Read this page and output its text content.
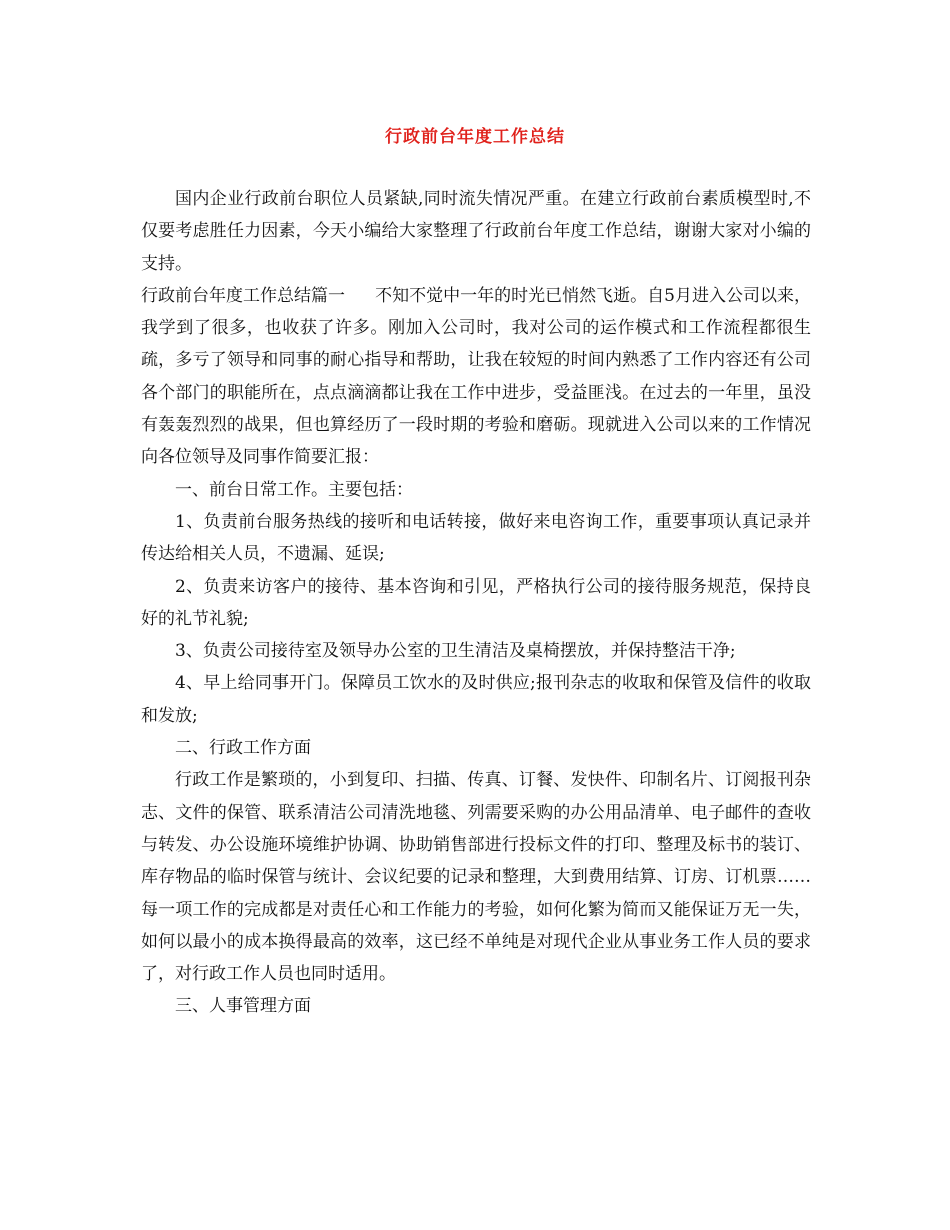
行政前台年度工作总结

国内企业行政前台职位人员紧缺,同时流失情况严重。在建立行政前台素质模型时,不仅要考虑胜任力因素，今天小编给大家整理了行政前台年度工作总结，谢谢大家对小编的支持。

行政前台年度工作总结篇一 不知不觉中一年的时光已悄然飞逝。自5月进入公司以来，我学到了很多，也收获了许多。刚加入公司时，我对公司的运作模式和工作流程都很生疏，多亏了领导和同事的耐心指导和帮助，让我在较短的时间内熟悉了工作内容还有公司各个部门的职能所在，点点滴滴都让我在工作中进步，受益匪浅。在过去的一年里，虽没有轰轰烈烈的战果，但也算经历了一段时期的考验和磨砺。现就进入公司以来的工作情况向各位领导及同事作简要汇报：

一、前台日常工作。主要包括：

1、负责前台服务热线的接听和电话转接，做好来电咨询工作，重要事项认真记录并传达给相关人员，不遗漏、延误;

2、负责来访客户的接待、基本咨询和引见，严格执行公司的接待服务规范，保持良好的礼节礼貌;

3、负责公司接待室及领导办公室的卫生清洁及桌椅摆放，并保持整洁干净;

4、早上给同事开门。保障员工饮水的及时供应;报刊杂志的收取和保管及信件的收取和发放;

二、行政工作方面

行政工作是繁琐的，小到复印、扫描、传真、订餐、发快件、印制名片、订阅报刊杂志、文件的保管、联系清洁公司清洗地毯、列需要采购的办公用品清单、电子邮件的查收与转发、办公设施环境维护协调、协助销售部进行投标文件的打印、整理及标书的装订、库存物品的临时保管与统计、会议纪要的记录和整理，大到费用结算、订房、订机票……每一项工作的完成都是对责任心和工作能力的考验，如何化繁为简而又能保证万无一失，如何以最小的成本换得最高的效率，这已经不单纯是对现代企业从事业务工作人员的要求了，对行政工作人员也同时适用。

三、人事管理方面
